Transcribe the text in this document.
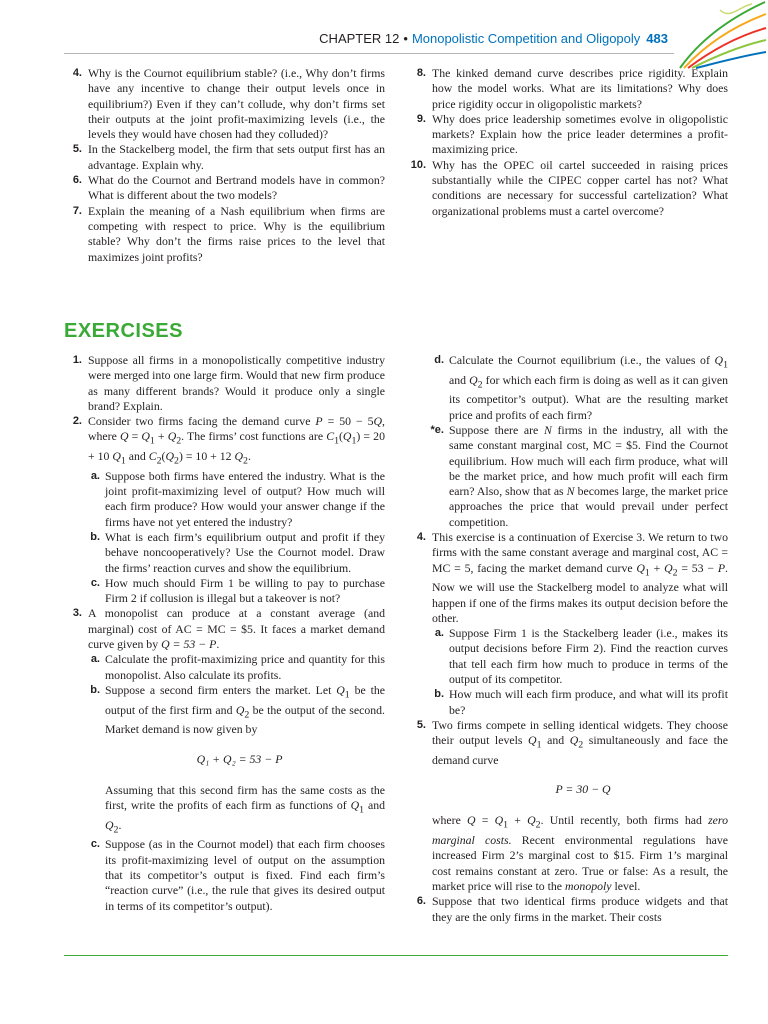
CHAPTER 12 • Monopolistic Competition and Oligopoly 483

4. Why is the Cournot equilibrium stable? (i.e., Why don’t firms have any incentive to change their output levels once in equilibrium?) Even if they can’t collude, why don’t firms set their outputs at the joint profit-maximizing levels (i.e., the levels they would have chosen had they colluded)?

5. In the Stackelberg model, the firm that sets output first has an advantage. Explain why.

6. What do the Cournot and Bertrand models have in common? What is different about the two models?

7. Explain the meaning of a Nash equilibrium when firms are competing with respect to price. Why is the equilibrium stable? Why don’t the firms raise prices to the level that maximizes joint profits?

8. The kinked demand curve describes price rigidity. Explain how the model works. What are its limitations? Why does price rigidity occur in oligopolistic markets?

9. Why does price leadership sometimes evolve in oligopolistic markets? Explain how the price leader determines a profit-maximizing price.

10. Why has the OPEC oil cartel succeeded in raising prices substantially while the CIPEC copper cartel has not? What conditions are necessary for successful cartelization? What organizational problems must a cartel overcome?

EXERCISES

1. Suppose all firms in a monopolistically competitive industry were merged into one large firm. Would that new firm produce as many different brands? Would it produce only a single brand? Explain.

2. Consider two firms facing the demand curve P = 50 − 5Q, where $Q = Q_1 + Q_2$. The firms’ cost functions are $C_1(Q_1) = 20 + 10$ $Q_1$ and $C_2(Q_2) = 10 + 12$ $Q_2$.

a. Suppose both firms have entered the industry. What is the joint profit-maximizing level of output? How much will each firm produce? How would your answer change if the firms have not yet entered the industry?

b. What is each firm’s equilibrium output and profit if they behave noncooperatively? Use the Cournot model. Draw the firms’ reaction curves and show the equilibrium.

c. How much should Firm 1 be willing to pay to purchase Firm 2 if collusion is illegal but a takeover is not?

3. A monopolist can produce at a constant average (and marginal) cost of AC = MC = $5. It faces a market demand curve given by Q = 53 − P.

a. Calculate the profit-maximizing price and quantity for this monopolist. Also calculate its profits.

b. Suppose a second firm enters the market. Let $Q_1$ be the output of the first firm and $Q_2$ be the output of the second. Market demand is now given by

Q₁ + Q₂ = 53 − P

Assuming that this second firm has the same costs as the first, write the profits of each firm as functions of $Q_1$ and $Q_2$.

c. Suppose (as in the Cournot model) that each firm chooses its profit-maximizing level of output on the assumption that its competitor’s output is fixed. Find each firm’s “reaction curve” (i.e., the rule that gives its desired output in terms of its competitor’s output).

d. Calculate the Cournot equilibrium (i.e., the values of $Q_1$ and $Q_2$ for which each firm is doing as well as it can given its competitor’s output). What are the resulting market price and profits of each firm?

*e. Suppose there are N firms in the industry, all with the same constant marginal cost, MC = $5. Find the Cournot equilibrium. How much will each firm produce, what will be the market price, and how much profit will each firm earn? Also, show that as N becomes large, the market price approaches the price that would prevail under perfect competition.

4. This exercise is a continuation of Exercise 3. We return to two firms with the same constant average and marginal cost, AC = MC = 5, facing the market demand curve $Q_1 + Q_2 = 53 - P$. Now we will use the Stackelberg model to analyze what will happen if one of the firms makes its output decision before the other.

a. Suppose Firm 1 is the Stackelberg leader (i.e., makes its output decisions before Firm 2). Find the reaction curves that tell each firm how much to produce in terms of the output of its competitor.

b. How much will each firm produce, and what will its profit be?

5. Two firms compete in selling identical widgets. They choose their output levels $Q_1$ and $Q_2$ simultaneously and face the demand curve

P = 30 − Q

where $Q = Q_1 + Q_2$. Until recently, both firms had zero marginal costs. Recent environmental regulations have increased Firm 2’s marginal cost to $15. Firm 1’s marginal cost remains constant at zero. True or false: As a result, the market price will rise to the monopoly level.

6. Suppose that two identical firms produce widgets and that they are the only firms in the market. Their costs
